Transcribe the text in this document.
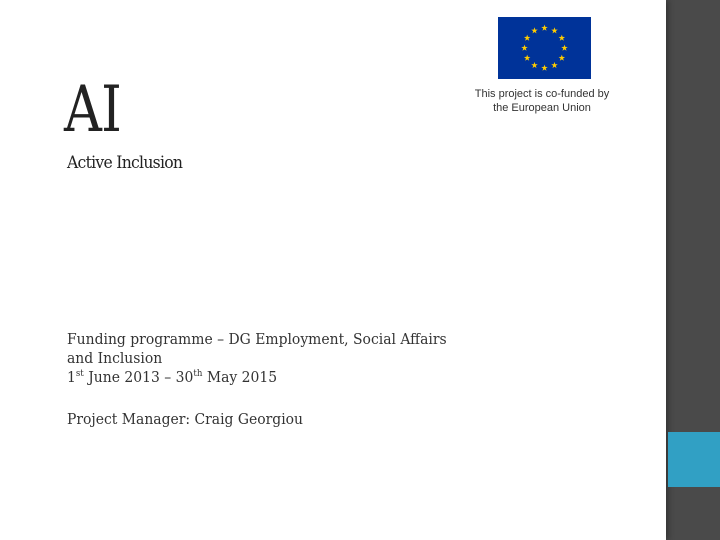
AI
Active Inclusion
This project is co-funded by
the European Union

Funding programme – DG Employment, Social Affairs

and Inclusion

1st June 2013 – 30th May 2015

Project Manager: Craig Georgiou
